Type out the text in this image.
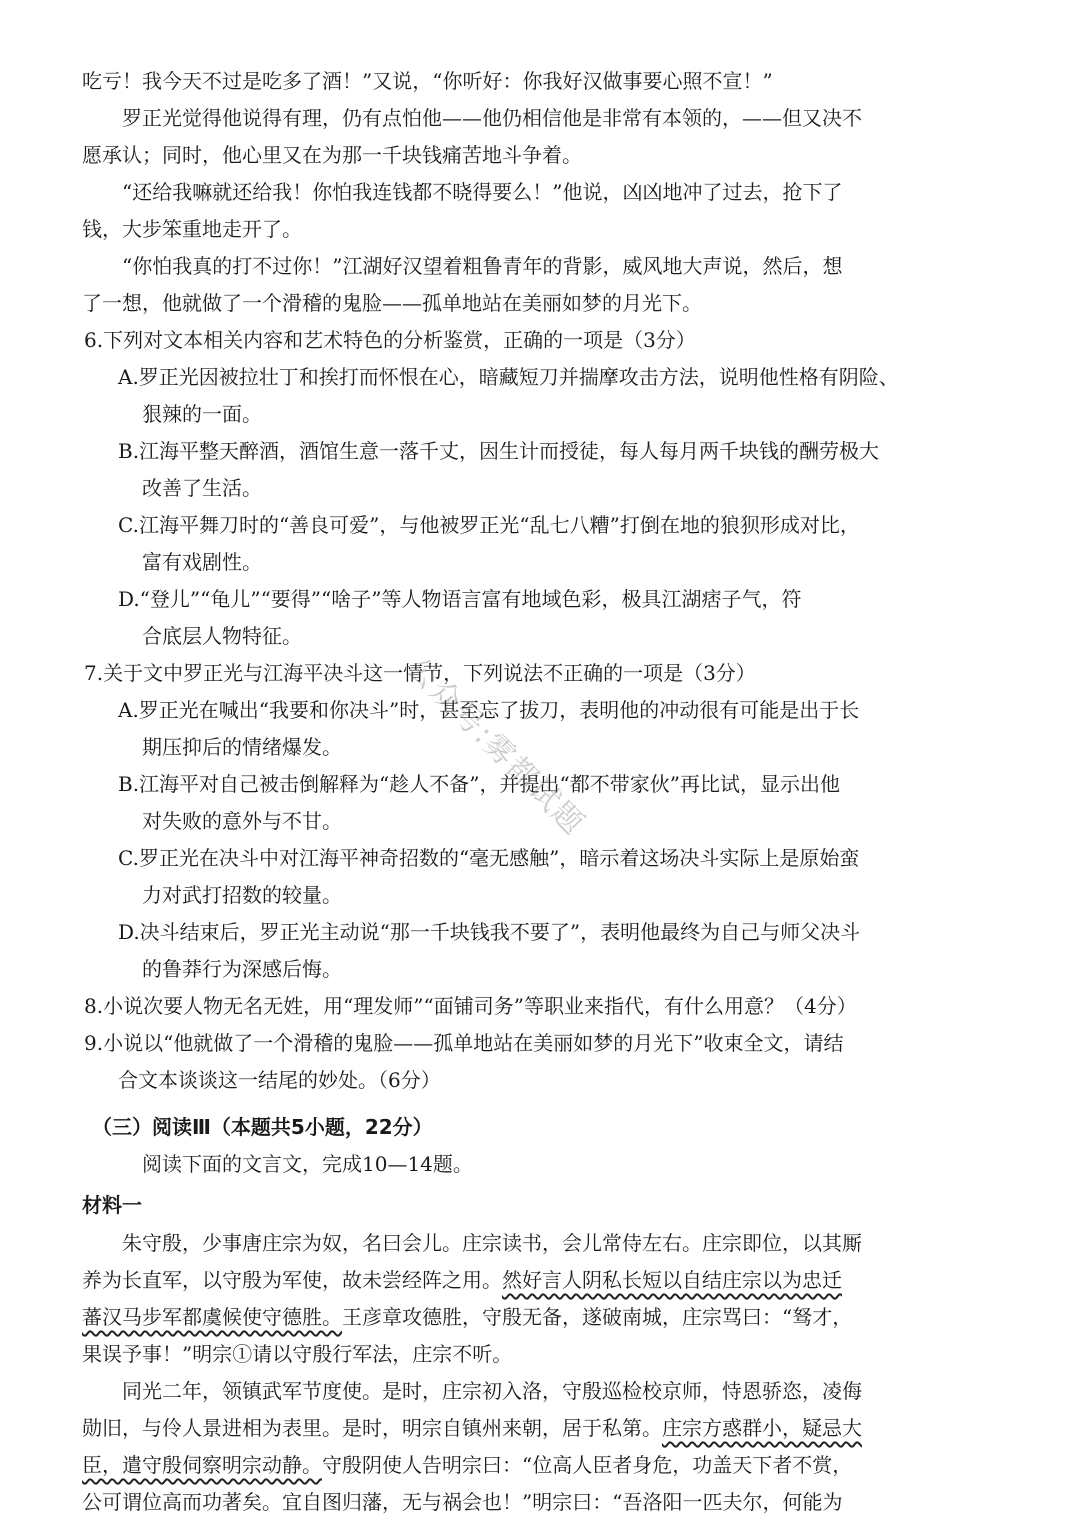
吃亏！我今天不过是吃多了酒！”又说，“你听好：你我好汉做事要心照不宣！”
罗正光觉得他说得有理，仍有点怕他——他仍相信他是非常有本领的，——但又决不
愿承认；同时，他心里又在为那一千块钱痛苦地斗争着。
“还给我嘛就还给我！你怕我连钱都不晓得要么！”他说，凶凶地冲了过去，抢下了
钱，大步笨重地走开了。
“你怕我真的打不过你！”江湖好汉望着粗鲁青年的背影，威风地大声说，然后，想
了一想，他就做了一个滑稽的鬼脸——孤单地站在美丽如梦的月光下。
6.下列对文本相关内容和艺术特色的分析鉴赏，正确的一项是（3分）
A.罗正光因被拉壮丁和挨打而怀恨在心，暗藏短刀并揣摩攻击方法，说明他性格有阴险、
狠辣的一面。
B.江海平整天醉酒，酒馆生意一落千丈，因生计而授徒，每人每月两千块钱的酬劳极大
改善了生活。
C.江海平舞刀时的“善良可爱”，与他被罗正光“乱七八糟”打倒在地的狼狈形成对比，
富有戏剧性。
D.“登儿”“龟儿”“要得”“啥子”等人物语言富有地域色彩，极具江湖痞子气，符
合底层人物特征。
7.关于文中罗正光与江海平决斗这一情节，下列说法不正确的一项是（3分）
A.罗正光在喊出“我要和你决斗”时，甚至忘了拔刀，表明他的冲动很有可能是出于长
期压抑后的情绪爆发。
B.江海平对自己被击倒解释为“趁人不备”，并提出“都不带家伙”再比试，显示出他
对失败的意外与不甘。
C.罗正光在决斗中对江海平神奇招数的“毫无感触”，暗示着这场决斗实际上是原始蛮
力对武打招数的较量。
D.决斗结束后，罗正光主动说“那一千块钱我不要了”，表明他最终为自己与师父决斗
的鲁莽行为深感后悔。
8.小说次要人物无名无姓，用“理发师”“面铺司务”等职业来指代，有什么用意？（4分）
9.小说以“他就做了一个滑稽的鬼脸——孤单地站在美丽如梦的月光下”收束全文，请结
合文本谈谈这一结尾的妙处。（6分）
（三）阅读Ⅲ（本题共5小题，22分）
阅读下面的文言文，完成10—14题。
材料一
朱守殷，少事唐庄宗为奴，名曰会儿。庄宗读书，会儿常侍左右。庄宗即位，以其厮
养为长直军，以守殷为军使，故未尝经阵之用。然好言人阴私长短以自结庄宗以为忠迁
蕃汉马步军都虞候使守德胜。王彦章攻德胜，守殷无备，遂破南城，庄宗骂曰：“驽才，
果误予事！”明宗①请以守殷行军法，庄宗不听。
同光二年，领镇武军节度使。是时，庄宗初入洛，守殷巡检校京师，恃恩骄恣，凌侮
勋旧，与伶人景进相为表里。是时，明宗自镇州来朝，居于私第。庄宗方惑群小，疑忌大
臣，遣守殷伺察明宗动静。守殷阴使人告明宗曰：“位高人臣者身危，功盖天下者不赏，
公可谓位高而功著矣。宜自图归藩，无与祸会也！”明宗曰：“吾洛阳一匹夫尔，何能为
公众号:雾都试题
